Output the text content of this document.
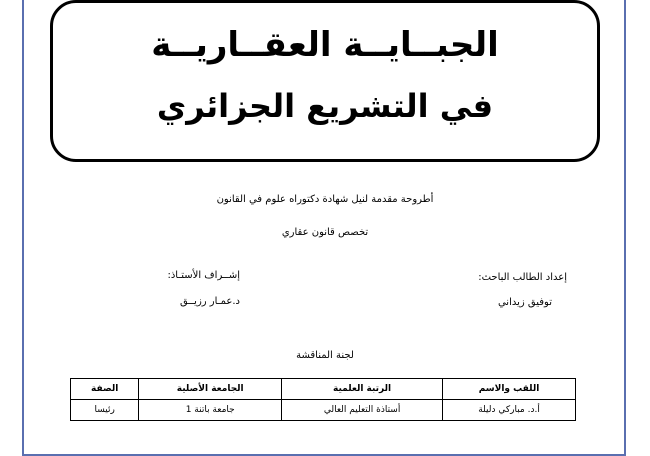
الجبــايــة العقــاريــة
في التشريع الجزائري
أطروحة مقدمة لنيل شهادة دكتوراه علوم في القانون
تخصص قانون عقاري
إعداد الطالب الباحث:
توفيق زيداني
إشــراف الأستـاذ:
د.عمـار رزيــق
لجنة المناقشة
اللقب والاسم	الرتبة العلمية	الجامعة الأصلية	الصفة
أ.د. مباركي دليلة	أستاذة التعليم العالي	جامعة باتنة 1	رئيسا
